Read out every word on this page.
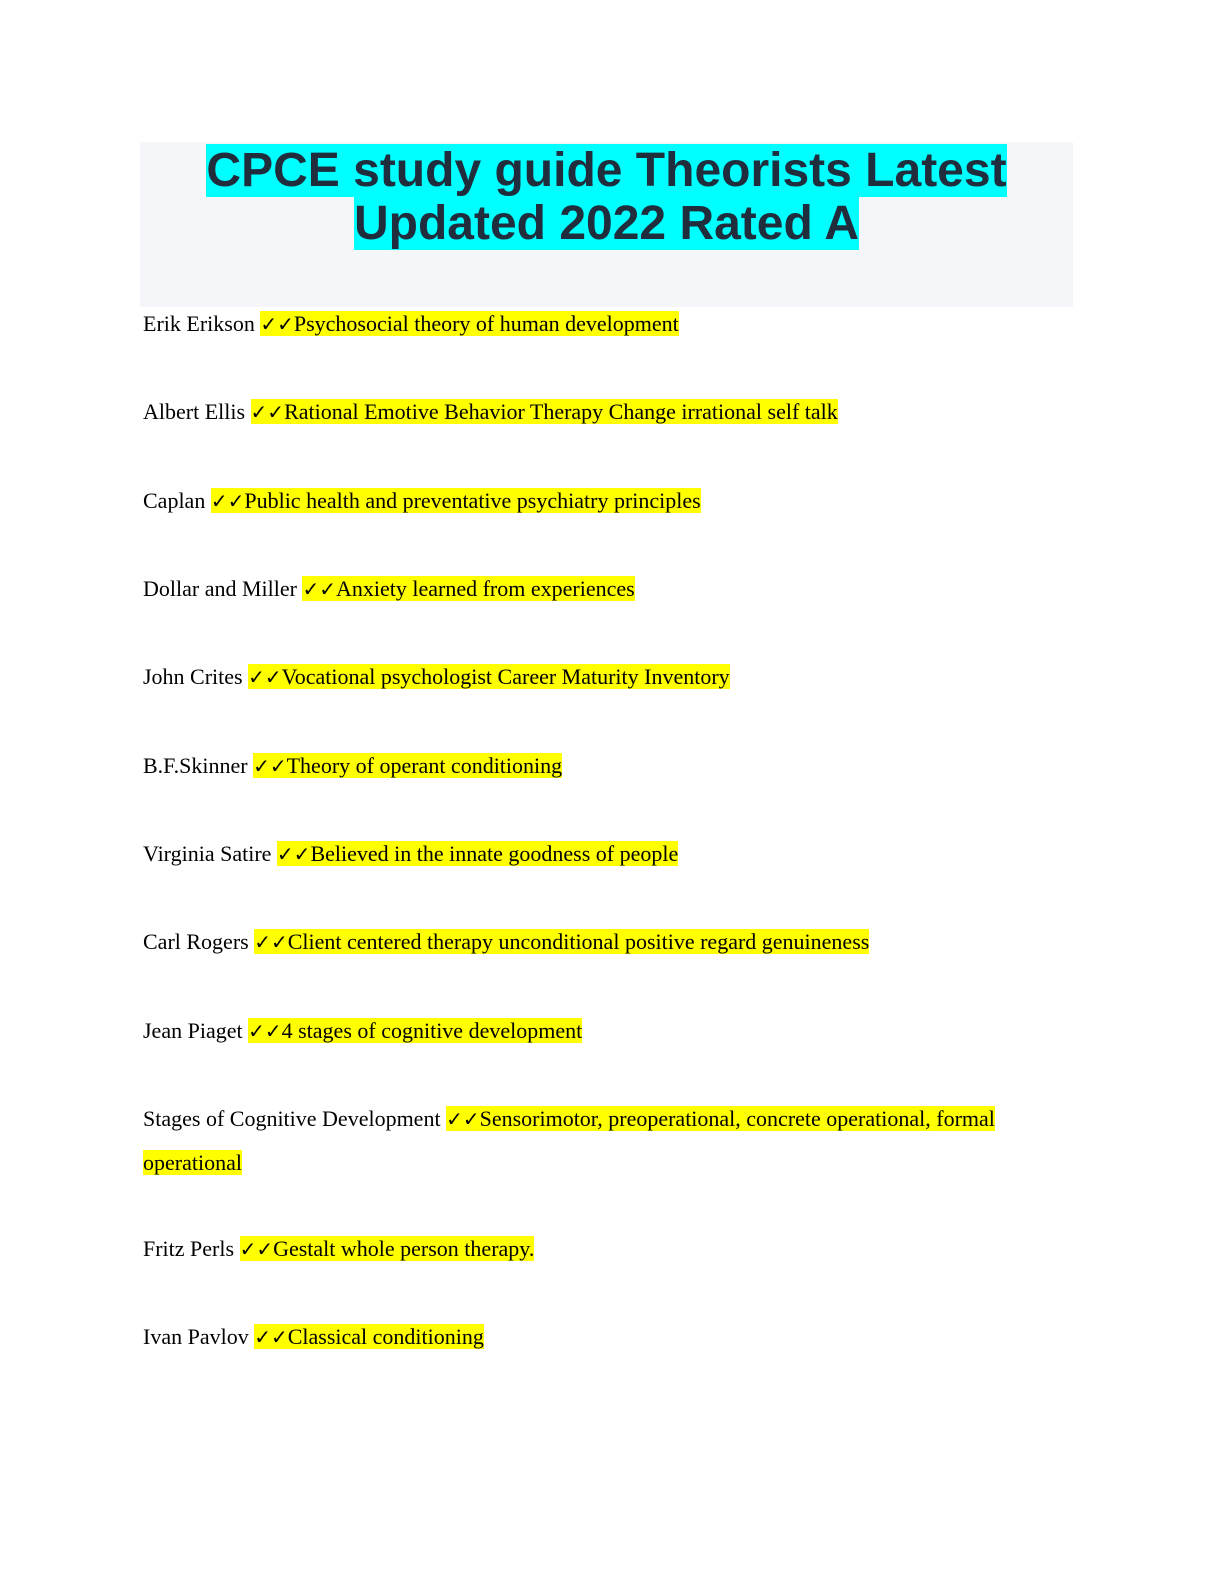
CPCE study guide Theorists Latest
Updated 2022 Rated A
Erik Erikson ✓✓Psychosocial theory of human development
Albert Ellis ✓✓Rational Emotive Behavior Therapy Change irrational self talk
Caplan ✓✓Public health and preventative psychiatry principles
Dollar and Miller ✓✓Anxiety learned from experiences
John Crites ✓✓Vocational psychologist Career Maturity Inventory
B.F.Skinner ✓✓Theory of operant conditioning
Virginia Satire ✓✓Believed in the innate goodness of people
Carl Rogers ✓✓Client centered therapy unconditional positive regard genuineness
Jean Piaget ✓✓4 stages of cognitive development
Stages of Cognitive Development ✓✓Sensorimotor, preoperational, concrete operational, formal operational
Fritz Perls ✓✓Gestalt whole person therapy.
Ivan Pavlov ✓✓Classical conditioning
